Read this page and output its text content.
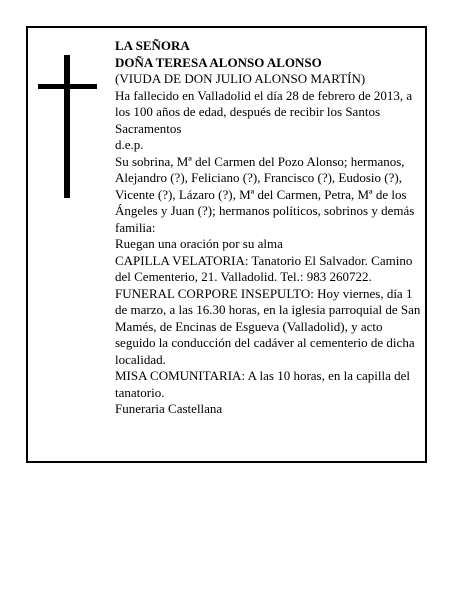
LA SEÑORA

DOÑA TERESA ALONSO ALONSO

(VIUDA DE DON JULIO ALONSO MARTÍN)

Ha fallecido en Valladolid el día 28 de febrero de 2013, a los 100 años de edad, después de recibir los Santos Sacramentos

d.e.p.

Su sobrina, Mª del Carmen del Pozo Alonso; hermanos, Alejandro (?), Feliciano (?), Francisco (?), Eudosio (?), Vicente (?), Lázaro (?), Mª del Carmen, Petra, Mª de los Ángeles y Juan (?); hermanos políticos, sobrinos y demás familia:

Ruegan una oración por su alma

CAPILLA VELATORIA: Tanatorio El Salvador. Camino del Cementerio, 21. Valladolid. Tel.: 983 260722.

FUNERAL CORPORE INSEPULTO: Hoy viernes, día 1 de marzo, a las 16.30 horas, en la iglesia parroquial de San Mamés, de Encinas de Esgueva (Valladolid), y acto seguido la conducción del cadáver al cementerio de dicha localidad.

MISA COMUNITARIA: A las 10 horas, en la capilla del tanatorio.

Funeraria Castellana
